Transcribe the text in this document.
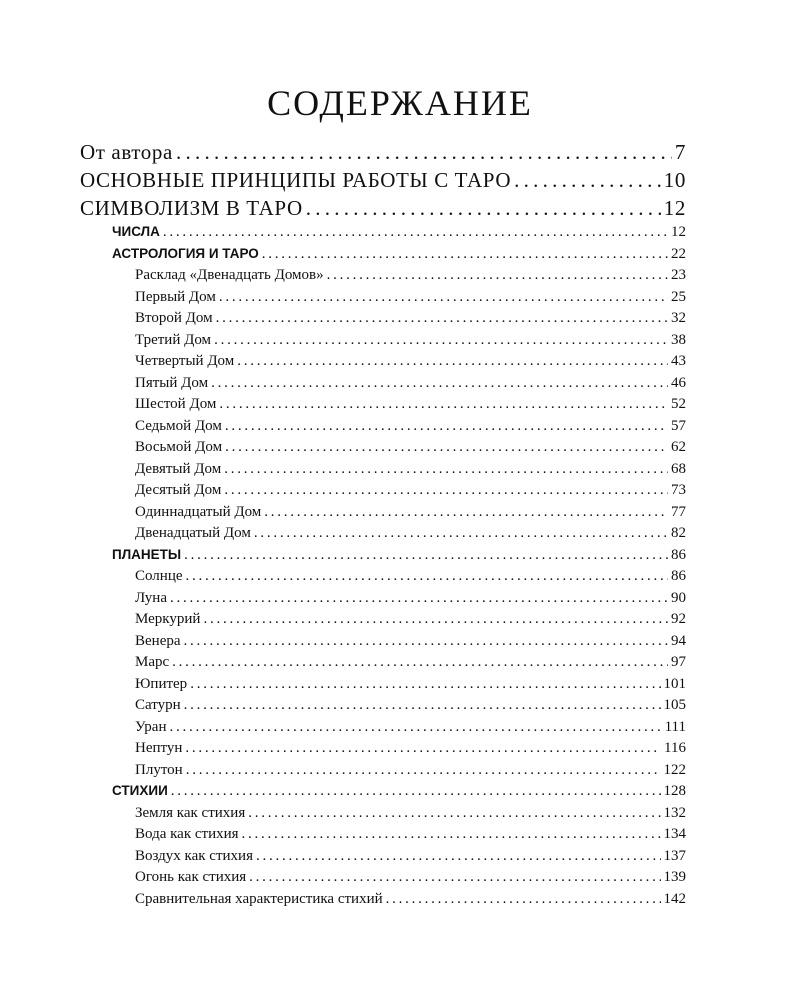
СОДЕРЖАНИЕ
От автора . . .	7
ОСНОВНЫЕ ПРИНЦИПЫ РАБОТЫ С ТАРО . . .	10
СИМВОЛИЗМ В ТАРО . . .	12
ЧИСЛА . . .	12
АСТРОЛОГИЯ И ТАРО . . .	22
Расклад «Двенадцать Домов» . . .	23
Первый Дом . . .	25
Второй Дом . . .	32
Третий Дом . . .	38
Четвертый Дом . . .	43
Пятый Дом . . .	46
Шестой Дом . . .	52
Седьмой Дом . . .	57
Восьмой Дом . . .	62
Девятый Дом . . .	68
Десятый Дом . . .	73
Одиннадцатый Дом . . .	77
Двенадцатый Дом . . .	82
ПЛАНЕТЫ . . .	86
Солнце . . .	86
Луна . . .	90
Меркурий . . .	92
Венера . . .	94
Марс . . .	97
Юпитер . . .	101
Сатурн . . .	105
Уран . . .	111
Нептун . . .	116
Плутон . . .	122
СТИХИИ . . .	128
Земля как стихия . . .	132
Вода как стихия . . .	134
Воздух как стихия . . .	137
Огонь как стихия . . .	139
Сравнительная характеристика стихий . . .	142
